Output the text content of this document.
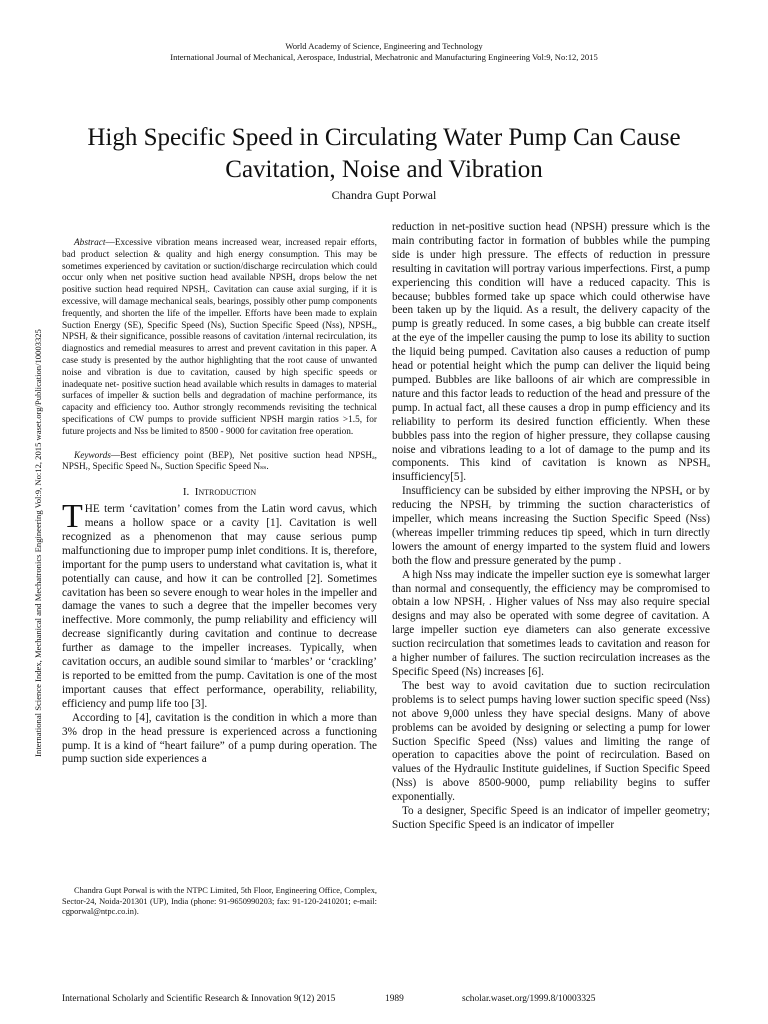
World Academy of Science, Engineering and Technology
International Journal of Mechanical, Aerospace, Industrial, Mechatronic and Manufacturing Engineering Vol:9, No:12, 2015
High Specific Speed in Circulating Water Pump Can Cause Cavitation, Noise and Vibration
Chandra Gupt Porwal
International Science Index, Mechanical and Mechatronics Engineering Vol:9, No:12, 2015 waset.org/Publication/10003325

Abstract—Excessive vibration means increased wear, increased repair efforts, bad product selection & quality and high energy consumption. This may be sometimes experienced by cavitation or suction/discharge recirculation which could occur only when net positive suction head available NPSHₐ drops below the net positive suction head required NPSHᵣ. Cavitation can cause axial surging, if it is excessive, will damage mechanical seals, bearings, possibly other pump components frequently, and shorten the life of the impeller. Efforts have been made to explain Suction Energy (SE), Specific Speed (Ns), Suction Specific Speed (Nss), NPSHₐ, NPSHᵣ & their significance, possible reasons of cavitation /internal recirculation, its diagnostics and remedial measures to arrest and prevent cavitation in this paper. A case study is presented by the author highlighting that the root cause of unwanted noise and vibration is due to cavitation, caused by high specific speeds or inadequate net- positive suction head available which results in damages to material surfaces of impeller & suction bells and degradation of machine performance, its capacity and efficiency too. Author strongly recommends revisiting the technical specifications of CW pumps to provide sufficient NPSH margin ratios >1.5, for future projects and Nss be limited to 8500 - 9000 for cavitation free operation.

Keywords—Best efficiency point (BEP), Net positive suction head NPSHₐ, NPSHᵣ, Specific Speed Nₛ, Suction Specific Speed Nₛₛ.

I. Introduction

THE term ‘cavitation’ comes from the Latin word cavus, which means a hollow space or a cavity [1]. Cavitation is well recognized as a phenomenon that may cause serious pump malfunctioning due to improper pump inlet conditions. It is, therefore, important for the pump users to understand what cavitation is, what it potentially can cause, and how it can be controlled [2]. Sometimes cavitation has been so severe enough to wear holes in the impeller and damage the vanes to such a degree that the impeller becomes very ineffective. More commonly, the pump reliability and efficiency will decrease significantly during cavitation and continue to decrease further as damage to the impeller increases. Typically, when cavitation occurs, an audible sound similar to ‘marbles’ or ‘crackling’ is reported to be emitted from the pump. Cavitation is one of the most important causes that effect performance, operability, reliability, efficiency and pump life too [3].

According to [4], cavitation is the condition in which a more than 3% drop in the head pressure is experienced across a functioning pump. It is a kind of “heart failure” of a pump during operation. The pump suction side experiences a

Chandra Gupt Porwal is with the NTPC Limited, 5th Floor, Engineering Office, Complex, Sector-24, Noida-201301 (UP), India (phone: 91-9650990203; fax: 91-120-2410201; e-mail: cgporwal@ntpc.co.in).

reduction in net-positive suction head (NPSH) pressure which is the main contributing factor in formation of bubbles while the pumping side is under high pressure. The effects of reduction in pressure resulting in cavitation will portray various imperfections. First, a pump experiencing this condition will have a reduced capacity. This is because; bubbles formed take up space which could otherwise have been taken up by the liquid. As a result, the delivery capacity of the pump is greatly reduced. In some cases, a big bubble can create itself at the eye of the impeller causing the pump to lose its ability to suction the liquid being pumped. Cavitation also causes a reduction of pump head or potential height which the pump can deliver the liquid being pumped. Bubbles are like balloons of air which are compressible in nature and this factor leads to reduction of the head and pressure of the pump. In actual fact, all these causes a drop in pump efficiency and its reliability to perform its desired function efficiently. When these bubbles pass into the region of higher pressure, they collapse causing noise and vibrations leading to a lot of damage to the pump and its components. This kind of cavitation is known as NPSHₐ insufficiency[5].

Insufficiency can be subsided by either improving the NPSHₐ or by reducing the NPSHᵣ by trimming the suction characteristics of impeller, which means increasing the Suction Specific Speed (Nss) (whereas impeller trimming reduces tip speed, which in turn directly lowers the amount of energy imparted to the system fluid and lowers both the flow and pressure generated by the pump .

A high Nss may indicate the impeller suction eye is somewhat larger than normal and consequently, the efficiency may be compromised to obtain a low NPSHᵣ . Higher values of Nss may also require special designs and may also be operated with some degree of cavitation. A large impeller suction eye diameters can also generate excessive suction recirculation that sometimes leads to cavitation and reason for a higher number of failures. The suction recirculation increases as the Specific Speed (Ns) increases [6].

The best way to avoid cavitation due to suction recirculation problems is to select pumps having lower suction specific speed (Nss) not above 9,000 unless they have special designs. Many of above problems can be avoided by designing or selecting a pump for lower Suction Specific Speed (Nss) values and limiting the range of operation to capacities above the point of recirculation. Based on values of the Hydraulic Institute guidelines, if Suction Specific Speed (Nss) is above 8500-9000, pump reliability begins to suffer exponentially.

To a designer, Specific Speed is an indicator of impeller geometry; Suction Specific Speed is an indicator of impeller

International Scholarly and Scientific Research & Innovation 9(12) 2015	1989	scholar.waset.org/1999.8/10003325
